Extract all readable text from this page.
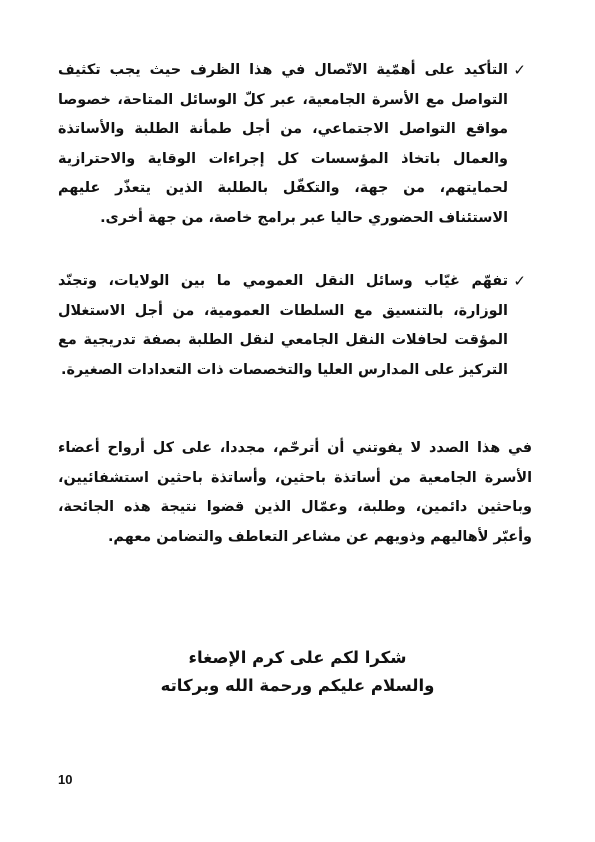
✓
التأكيد على أهمّية الاتّصال في هذا الظرف حيث يجب تكثيف التواصل مع الأسرة الجامعية، عبر كلّ الوسائل المتاحة، خصوصا مواقع التواصل الاجتماعي، من أجل طمأنة الطلبة والأساتذة والعمال باتخاذ المؤسسات كل إجراءات الوقاية والاحترازية لحمايتهم، من جهة، والتكفّل بالطلبة الذين يتعذّر عليهم الاستئناف الحضوري حاليا عبر برامج خاصة، من جهة أخرى.
✓
تفهّم غيّاب وسائل النقل العمومي ما بين الولايات، وتجنّد الوزارة، بالتنسيق مع السلطات العمومية، من أجل الاستغلال المؤقت لحافلات النقل الجامعي لنقل الطلبة بصفة تدريجية مع التركيز على المدارس العليا والتخصصات ذات التعدادات الصغيرة.
في هذا الصدد لا يفوتني أن أترحّم، مجددا، على كل أرواح أعضاء الأسرة الجامعية من أساتذة باحثين، وأساتذة باحثين استشفائيين، وباحثين دائمين، وطلبة، وعمّال الذين قضوا نتيجة هذه الجائحة، وأعبّر لأهاليهم وذويهم عن مشاعر التعاطف والتضامن معهم.
شكرا لكم على كرم الإصغاء
والسلام عليكم ورحمة الله وبركاته
10
